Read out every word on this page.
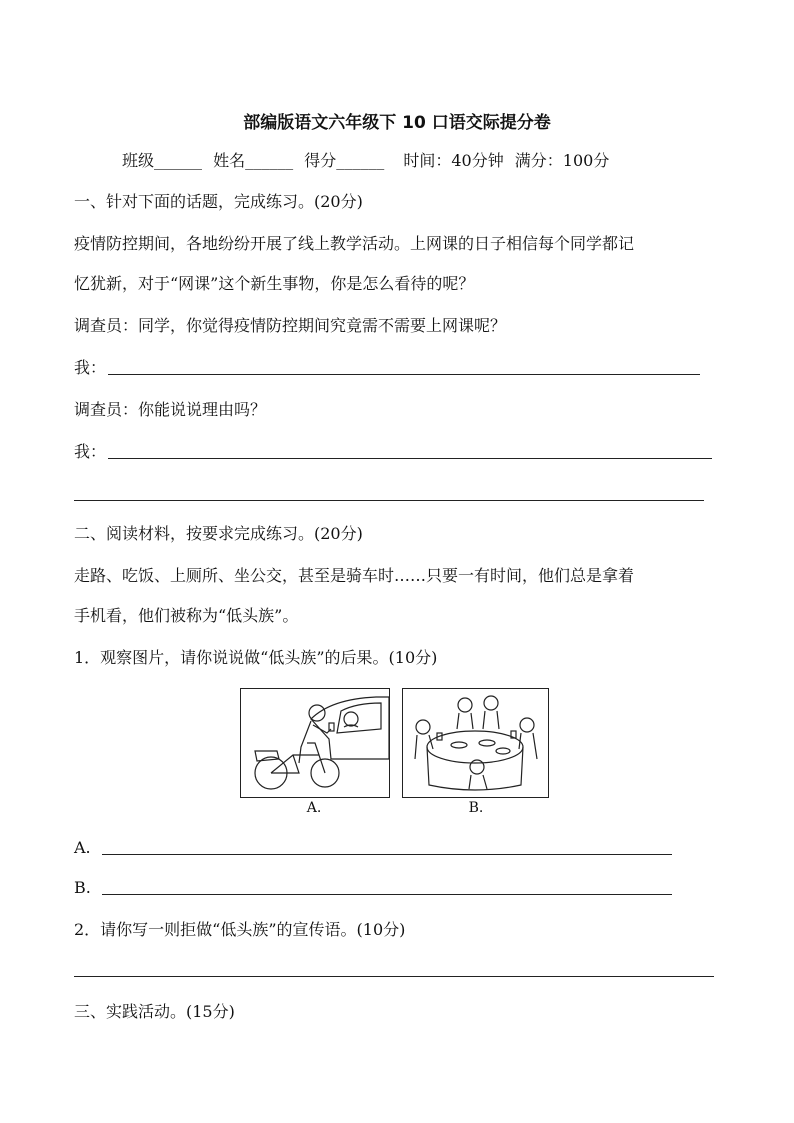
部编版语文六年级下 10 口语交际提分卷
班级______ 姓名______ 得分______ 时间：40分钟 满分：100分
一、针对下面的话题，完成练习。(20分)
疫情防控期间，各地纷纷开展了线上教学活动。上网课的日子相信每个同学都记
忆犹新，对于“网课”这个新生事物，你是怎么看待的呢？
调查员：同学，你觉得疫情防控期间究竟需不需要上网课呢？
我：
调查员：你能说说理由吗？
我：
二、阅读材料，按要求完成练习。(20分)
走路、吃饭、上厕所、坐公交，甚至是骑车时……只要一有时间，他们总是拿着
手机看，他们被称为“低头族”。
1．观察图片，请你说说做“低头族”的后果。(10分)
A.	B.
A.
B.
2．请你写一则拒做“低头族”的宣传语。(10分)
三、实践活动。(15分)
